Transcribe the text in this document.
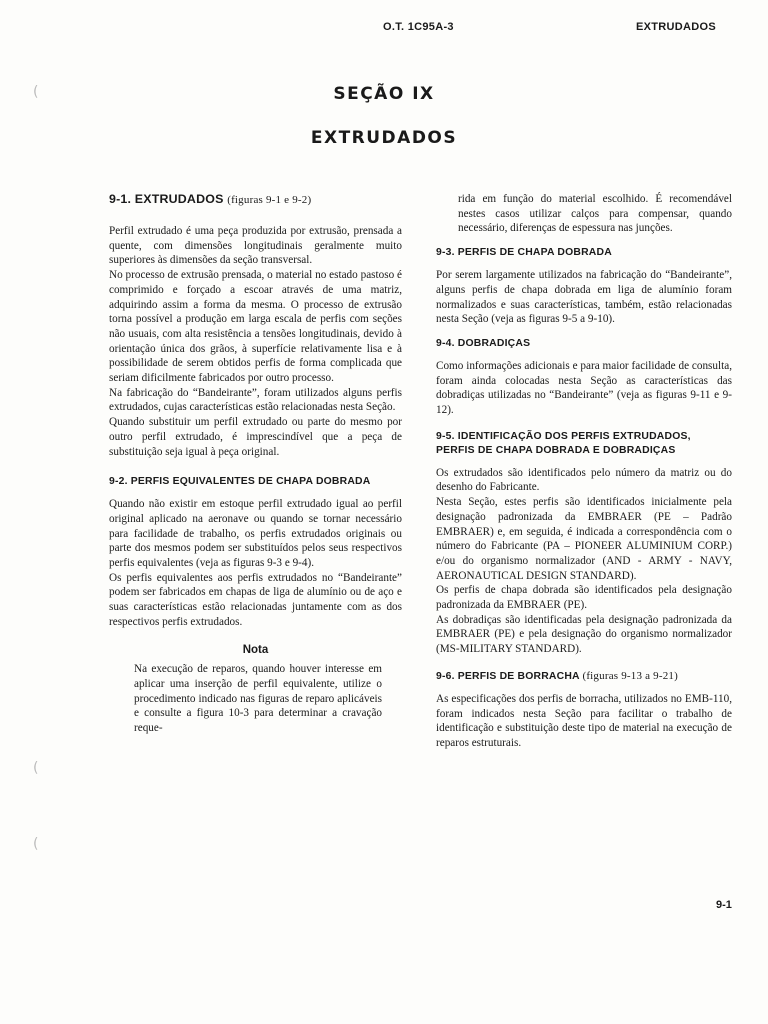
O.T. 1C95A-3	EXTRUDADOS
SEÇÃO IX
EXTRUDADOS
(
(
(

9-1. EXTRUDADOS (figuras 9-1 e 9-2)

Perfil extrudado é uma peça produzida por extrusão, prensada a quente, com dimensões longitudinais geralmente muito superiores às dimensões da seção transversal.

No processo de extrusão prensada, o material no estado pastoso é comprimido e forçado a escoar através de uma matriz, adquirindo assim a forma da mesma. O processo de extrusão torna possível a produção em larga escala de perfis com seções não usuais, com alta resistência a tensões longitudinais, devido à orientação única dos grãos, à superfície relativamente lisa e à possibilidade de serem obtidos perfis de forma complicada que seriam dificilmente fabricados por outro processo.

Na fabricação do “Bandeirante”, foram utilizados alguns perfis extrudados, cujas características estão relacionadas nesta Seção.

Quando substituir um perfil extrudado ou parte do mesmo por outro perfil extrudado, é imprescindível que a peça de substituição seja igual à peça original.

9-2. PERFIS EQUIVALENTES DE CHAPA DOBRADA

Quando não existir em estoque perfil extrudado igual ao perfil original aplicado na aeronave ou quando se tornar necessário para facilidade de trabalho, os perfis extrudados originais ou parte dos mesmos podem ser substituídos pelos seus respectivos perfis equivalentes (veja as figuras 9-3 e 9-4).

Os perfis equivalentes aos perfis extrudados no “Bandeirante” podem ser fabricados em chapas de liga de alumínio ou de aço e suas características estão relacionadas juntamente com as dos respectivos perfis extrudados.

Nota

Na execução de reparos, quando houver interesse em aplicar uma inserção de perfil equivalente, utilize o procedimento indicado nas figuras de reparo aplicáveis e consulte a figura 10-3 para determinar a cravação reque-

rida em função do material escolhido. É recomendável nestes casos utilizar calços para compensar, quando necessário, diferenças de espessura nas junções.

9-3. PERFIS DE CHAPA DOBRADA

Por serem largamente utilizados na fabricação do “Bandeirante”, alguns perfis de chapa dobrada em liga de alumínio foram normalizados e suas características, também, estão relacionadas nesta Seção (veja as figuras 9-5 a 9-10).

9-4. DOBRADIÇAS

Como informações adicionais e para maior facilidade de consulta, foram ainda colocadas nesta Seção as características das dobradiças utilizadas no “Bandeirante” (veja as figuras 9-11 e 9-12).

9-5. IDENTIFICAÇÃO DOS PERFIS EXTRUDADOS,

PERFIS DE CHAPA DOBRADA E DOBRADIÇAS

Os extrudados são identificados pelo número da matriz ou do desenho do Fabricante.

Nesta Seção, estes perfis são identificados inicialmente pela designação padronizada da EMBRAER (PE – Padrão EMBRAER) e, em seguida, é indicada a correspondência com o número do Fabricante (PA – PIONEER ALUMINIUM CORP.) e/ou do organismo normalizador (AND - ARMY - NAVY, AERONAUTICAL DESIGN STANDARD).

Os perfis de chapa dobrada são identificados pela designação padronizada da EMBRAER (PE).

As dobradiças são identificadas pela designação padronizada da EMBRAER (PE) e pela designação do organismo normalizador (MS-MILITARY STANDARD).

9-6. PERFIS DE BORRACHA (figuras 9-13 a 9-21)

As especificações dos perfis de borracha, utilizados no EMB-110, foram indicados nesta Seção para facilitar o trabalho de identificação e substituição deste tipo de material na execução de reparos estruturais.

9-1
